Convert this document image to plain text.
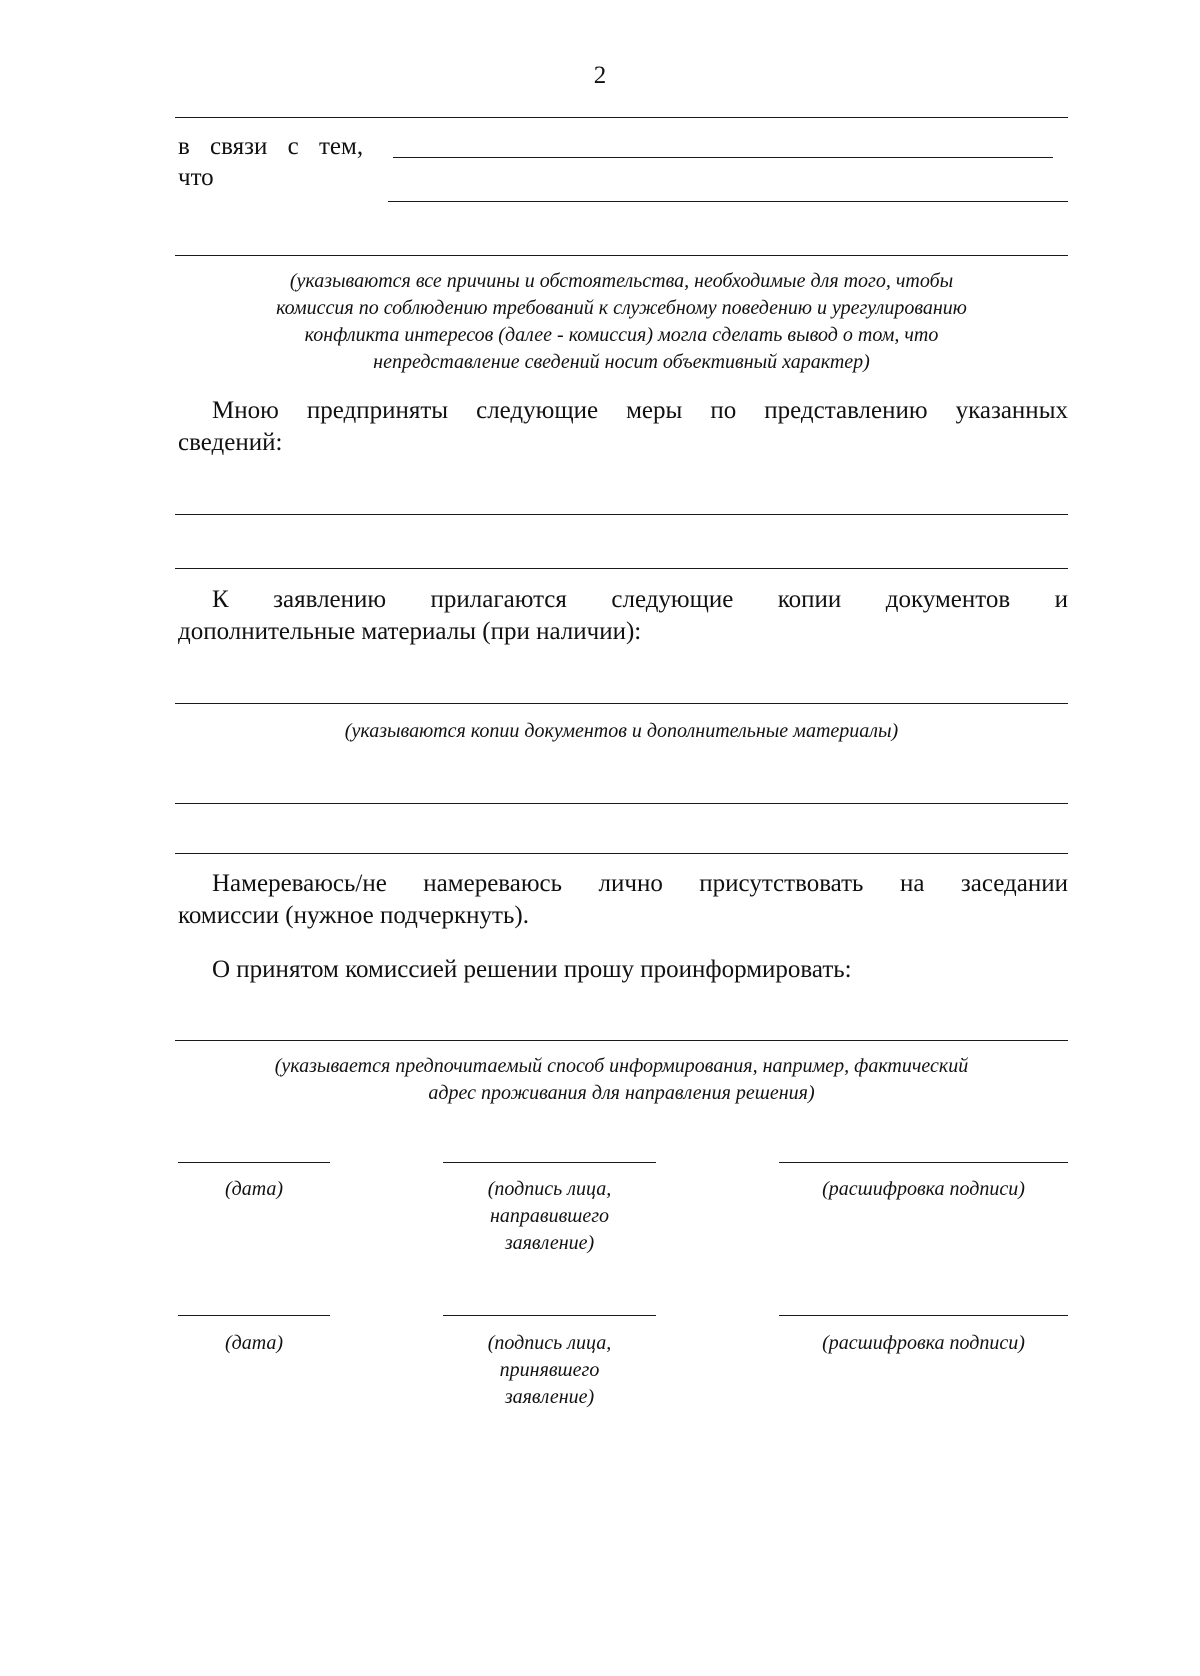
2
в связи с тем,
что
(указываются все причины и обстоятельства, необходимые для того, чтобы
комиссия по соблюдению требований к служебному поведению и урегулированию
конфликта интересов (далее - комиссия) могла сделать вывод о том, что
непредставление сведений носит объективный характер)
Мною предприняты следующие меры по представлению указанных
сведений:
К заявлению прилагаются следующие копии документов и
дополнительные материалы (при наличии):
(указываются копии документов и дополнительные материалы)
Намереваюсь/не намереваюсь лично присутствовать на заседании
комиссии (нужное подчеркнуть).
О принятом комиссией решении прошу проинформировать:
(указывается предпочитаемый способ информирования, например, фактический
адрес проживания для направления решения)
(дата)	(подпись лица,
направившего
заявление)
(расшифровка подписи)
(дата)	(подпись лица,
принявшего
заявление)
(расшифровка подписи)
